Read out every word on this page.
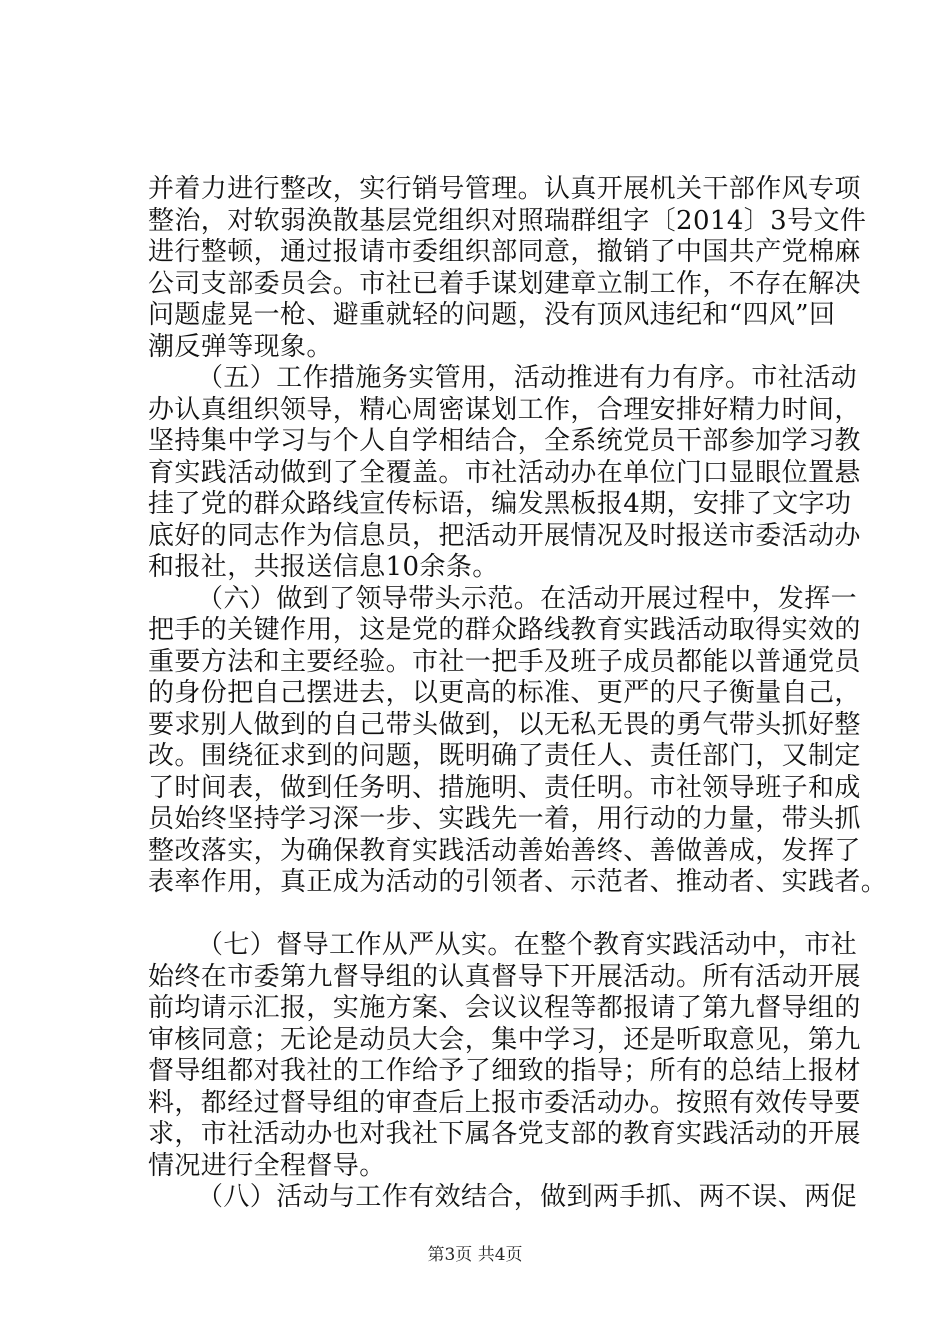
并着力进行整改，实行销号管理。认真开展机关干部作风专项
整治，对软弱涣散基层党组织对照瑞群组字〔2014〕3号文件
进行整顿，通过报请市委组织部同意，撤销了中国共产党棉麻
公司支部委员会。市社已着手谋划建章立制工作，不存在解决
问题虚晃一枪、避重就轻的问题，没有顶风违纪和“四风”回
潮反弹等现象。
（五）工作措施务实管用，活动推进有力有序。市社活动
办认真组织领导，精心周密谋划工作，合理安排好精力时间，
坚持集中学习与个人自学相结合，全系统党员干部参加学习教
育实践活动做到了全覆盖。市社活动办在单位门口显眼位置悬
挂了党的群众路线宣传标语，编发黑板报4期，安排了文字功
底好的同志作为信息员，把活动开展情况及时报送市委活动办
和报社，共报送信息10余条。
（六）做到了领导带头示范。在活动开展过程中，发挥一
把手的关键作用，这是党的群众路线教育实践活动取得实效的
重要方法和主要经验。市社一把手及班子成员都能以普通党员
的身份把自己摆进去，以更高的标准、更严的尺子衡量自己，
要求别人做到的自己带头做到，以无私无畏的勇气带头抓好整
改。围绕征求到的问题，既明确了责任人、责任部门，又制定
了时间表，做到任务明、措施明、责任明。市社领导班子和成
员始终坚持学习深一步、实践先一着，用行动的力量，带头抓
整改落实，为确保教育实践活动善始善终、善做善成，发挥了
表率作用，真正成为活动的引领者、示范者、推动者、实践者。
（七）督导工作从严从实。在整个教育实践活动中，市社
始终在市委第九督导组的认真督导下开展活动。所有活动开展
前均请示汇报，实施方案、会议议程等都报请了第九督导组的
审核同意；无论是动员大会，集中学习，还是听取意见，第九
督导组都对我社的工作给予了细致的指导；所有的总结上报材
料，都经过督导组的审查后上报市委活动办。按照有效传导要
求，市社活动办也对我社下属各党支部的教育实践活动的开展
情况进行全程督导。
（八）活动与工作有效结合，做到两手抓、两不误、两促
第3页 共4页
